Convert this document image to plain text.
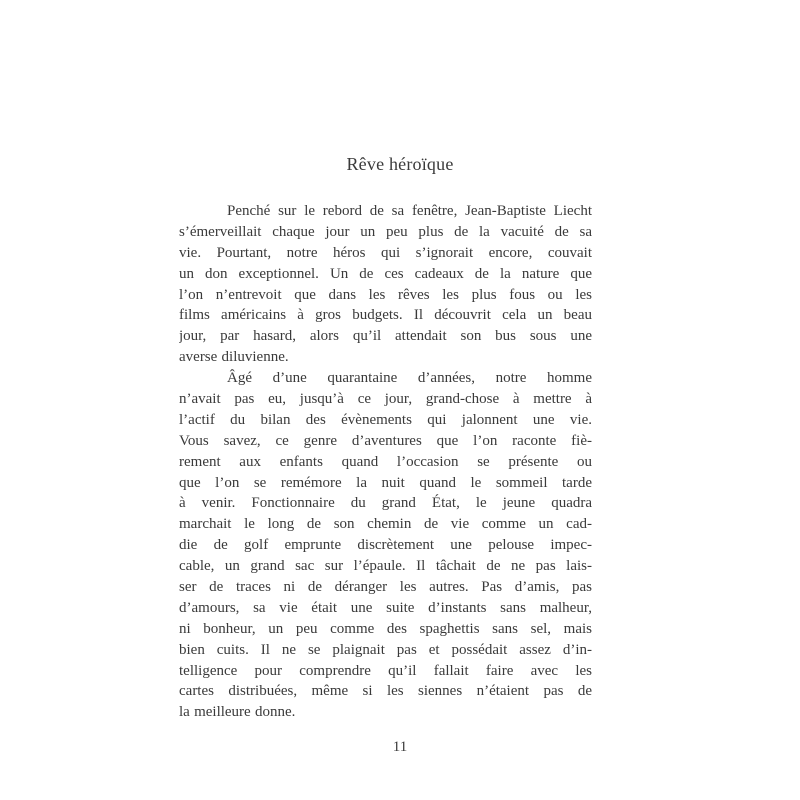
Rêve héroïque
Penché sur le rebord de sa fenêtre, Jean-Baptiste Liecht
s’émerveillait chaque jour un peu plus de la vacuité de sa
vie. Pourtant, notre héros qui s’ignorait encore, couvait
un don exceptionnel. Un de ces cadeaux de la nature que
l’on n’entrevoit que dans les rêves les plus fous ou les
films américains à gros budgets. Il découvrit cela un beau
jour, par hasard, alors qu’il attendait son bus sous une
averse diluvienne.
Âgé d’une quarantaine d’années, notre homme
n’avait pas eu, jusqu’à ce jour, grand-chose à mettre à
l’actif du bilan des évènements qui jalonnent une vie.
Vous savez, ce genre d’aventures que l’on raconte fiè-
rement aux enfants quand l’occasion se présente ou
que l’on se remémore la nuit quand le sommeil tarde
à venir. Fonctionnaire du grand État, le jeune quadra
marchait le long de son chemin de vie comme un cad-
die de golf emprunte discrètement une pelouse impec-
cable, un grand sac sur l’épaule. Il tâchait de ne pas lais-
ser de traces ni de déranger les autres. Pas d’amis, pas
d’amours, sa vie était une suite d’instants sans malheur,
ni bonheur, un peu comme des spaghettis sans sel, mais
bien cuits. Il ne se plaignait pas et possédait assez d’in-
telligence pour comprendre qu’il fallait faire avec les
cartes distribuées, même si les siennes n’étaient pas de
la meilleure donne.
11
